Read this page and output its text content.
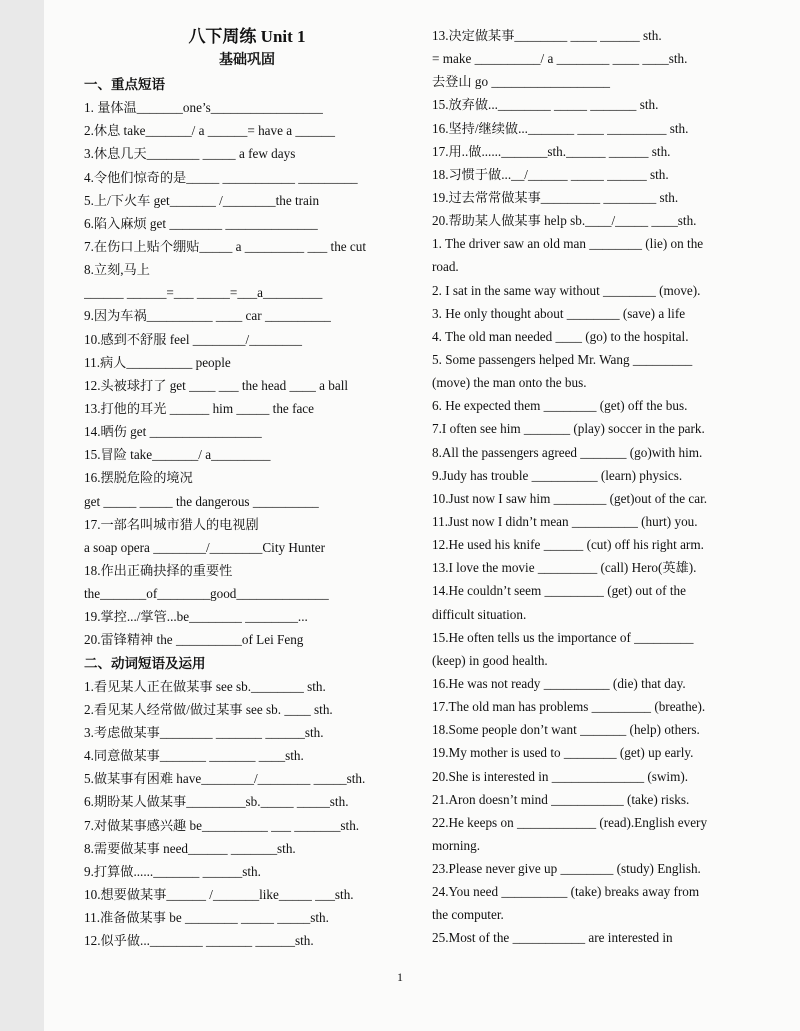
八下周练 Unit 1
基础巩固
一、重点短语
1. 量体温_______one’s_________________
2.休息 take_______/ a ______= have a ______
3.休息几天________ _____ a few days
4.令他们惊奇的是_____ ___________ _________
5.上/下火车 get_______ /________the train
6.陷入麻烦 get ________ ______________
7.在伤口上贴个绷贴_____ a _________ ___ the cut
8.立刻,马上
______ ______=___ _____=___a_________
9.因为车祸__________ ____ car __________
10.感到不舒服 feel ________/________
11.病人__________ people
12.头被球打了 get ____ ___ the head ____ a ball
13.打他的耳光 ______ him _____ the face
14.晒伤 get _________________
15.冒险 take_______/ a_________
16.摆脱危险的境况
get _____ _____ the dangerous __________
17.一部名叫城市猎人的电视剧
a soap opera ________/________City Hunter
18.作出正确抉择的重要性
the_______of________good______________
19.掌控.../掌管...be________ ________...
20.雷锋精神 the __________of Lei Feng
二、动词短语及运用
1.看见某人正在做某事 see sb.________ sth.
2.看见某人经常做/做过某事 see sb. ____ sth.
3.考虑做某事________ _______ ______sth.
4.同意做某事_______ _______ ____sth.
5.做某事有困难 have________/________ _____sth.
6.期盼某人做某事_________sb._____ _____sth.
7.对做某事感兴趣 be__________ ___ _______sth.
8.需要做某事 need______ _______sth.
9.打算做......_______ ______sth.
10.想要做某事______ /_______like_____ ___sth.
11.准备做某事 be ________ _____ _____sth.
12.似乎做...________ _______ ______sth.
13.决定做某事________ ____ ______ sth.
= make __________/ a ________ ____ ____sth.
去登山 go __________________
15.放弃做...________ _____ _______ sth.
16.坚持/继续做..._______ ____ _________ sth.
17.用..做......_______sth.______ ______ sth.
18.习惯于做...__/______ _____ ______ sth.
19.过去常常做某事_________ ________ sth.
20.帮助某人做某事 help sb.____/_____ ____sth.
1. The driver saw an old man ________ (lie) on the
road.
2. I sat in the same way without ________ (move).
3. He only thought about ________ (save) a life
4. The old man needed ____ (go) to the hospital.
5. Some passengers helped Mr. Wang _________
(move) the man onto the bus.
6. He expected them ________ (get) off the bus.
7.I often see him _______ (play) soccer in the park.
8.All the passengers agreed _______ (go)with him.
9.Judy has trouble __________ (learn) physics.
10.Just now I saw him ________ (get)out of the car.
11.Just now I didn’t mean __________ (hurt) you.
12.He used his knife ______ (cut) off his right arm.
13.I love the movie _________ (call) Hero(英雄).
14.He couldn’t seem _________ (get) out of the
difficult situation.
15.He often tells us the importance of _________
(keep) in good health.
16.He was not ready __________ (die) that day.
17.The old man has problems _________ (breathe).
18.Some people don’t want _______ (help) others.
19.My mother is used to ________ (get) up early.
20.She is interested in ______________ (swim).
21.Aron doesn’t mind ___________ (take) risks.
22.He keeps on ____________ (read).English every
morning.
23.Please never give up ________ (study) English.
24.You need __________ (take) breaks away from
the computer.
25.Most of the ___________ are interested in
1
